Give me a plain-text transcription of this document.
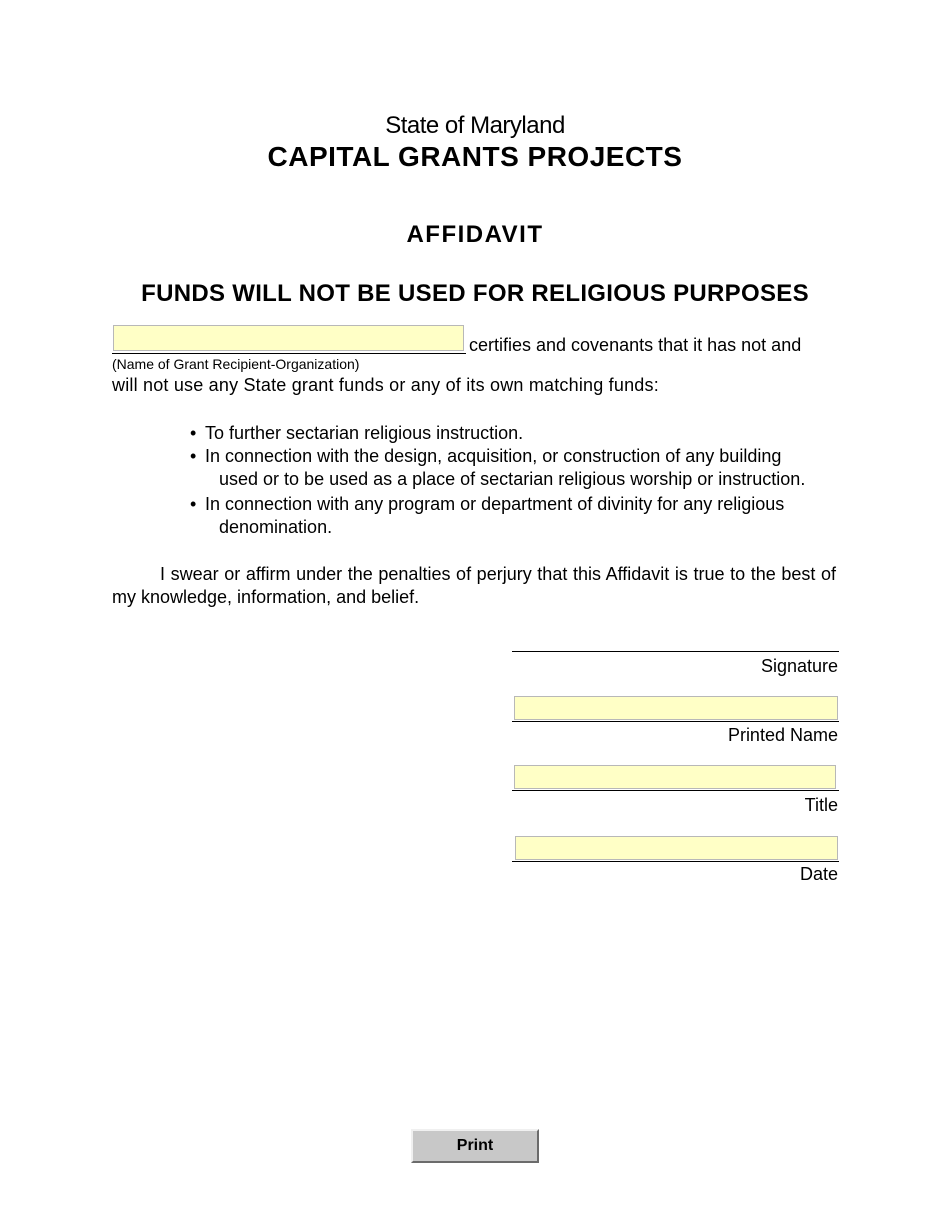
State of Maryland
CAPITAL GRANTS PROJECTS
AFFIDAVIT
FUNDS WILL NOT BE USED FOR RELIGIOUS PURPOSES
certifies and covenants that it has not and
(Name of Grant Recipient-Organization)
will not use any State grant funds or any of its own matching funds:
• To further sectarian religious instruction.
• In connection with the design, acquisition, or construction of any building
used or to be used as a place of sectarian religious worship or instruction.
• In connection with any program or department of divinity for any religious
denomination.
I swear or affirm under the penalties of perjury that this Affidavit is true to the best of my knowledge, information, and belief.
Signature
Printed Name
Title
Date
Print
